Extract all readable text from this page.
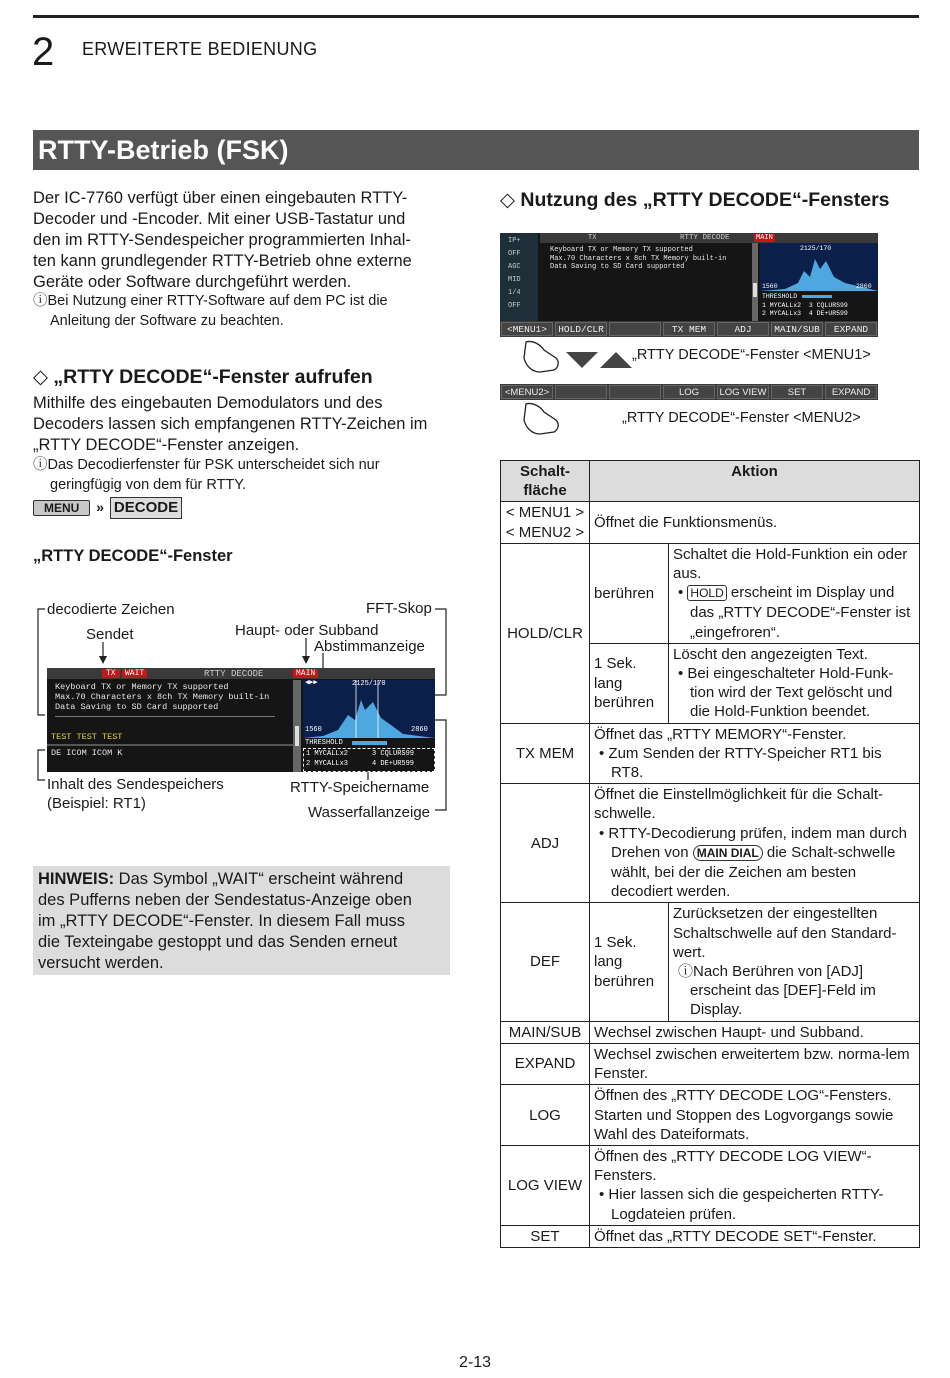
2 ERWEITERTE BEDIENUNG
RTTY-Betrieb (FSK)
Der IC-7760 verfügt über einen eingebauten RTTY-
Decoder und -Encoder. Mit einer USB-Tastatur und
den im RTTY-Sendespeicher programmierten Inhal-
ten kann grundlegender RTTY-Betrieb ohne externe
Geräte oder Software durchgeführt werden.
ⓘBei Nutzung einer RTTY-Software auf dem PC ist die
Anleitung der Software zu beachten.
◇ „RTTY DECODE“-Fenster aufrufen
Mithilfe des eingebauten Demodulators und des
Decoders lassen sich empfangenen RTTY-Zeichen im
„RTTY DECODE“-Fenster anzeigen.
ⓘDas Decodierfenster für PSK unterscheidet sich nur
geringfügig von dem für RTTY.
MENU » DECODE
„RTTY DECODE“-Fenster
decodierte Zeichen
Sendet
FFT-Skop
Haupt- oder Subband
Abstimmanzeige
Inhalt des Sendespeichers
(Beispiel: RT1)
RTTY-Speichername
Wasserfallanzeige
TX	WAIT	RTTY DECODE	MAIN
Keyboard TX or Memory TX supported
Max.70 Characters x 8ch TX Memory built-in
Data Saving to SD Card supported
TEST TEST TEST
DE ICOM ICOM K
◀▶▶	2125/170
1560	2860
THRESHOLD
1 MYCALLx2
2 MYCALLx3
3 CQLURS99
4 DE+UR599
HINWEIS: Das Symbol „WAIT“ erscheint während
des Pufferns neben der Sendestatus-Anzeige oben
im „RTTY DECODE“-Fenster. In diesem Fall muss
die Texteingabe gestoppt und das Senden erneut
versucht werden.
◇ Nutzung des „RTTY DECODE“-Fensters
IP+
OFF
AGC
MID
1/4
OFF
TX	RTTY DECODE	MAIN
Keyboard TX or Memory TX supported
Max.70 Characters x 8ch TX Memory built-in
Data Saving to SD Card supported
2125/170
1560	2860
THRESHOLD
1 MYCALLx2 3 CQLURS99
2 MYCALLx3 4 DE+UR599
<MENU1>	HOLD/CLR	TX MEM	ADJ	MAIN/SUB	EXPAND
„RTTY DECODE“-Fenster <MENU1>
<MENU2>	LOG	LOG VIEW	SET	EXPAND
„RTTY DECODE“-Fenster <MENU2>
Schalt-
fläche	Aktion	

< MENU1 >
< MENU2 >	Öffnet die Funktionsmenüs.	
HOLD/CLR	berühren	Schaltet die Hold-Funktion ein oder aus.
• HOLD erscheint im Display und das „RTTY DECODE“-Fenster ist „eingefroren“.

	1 Sek. lang berühren	Löscht den angezeigten Text.
• Bei eingeschalteter Hold-Funk-tion wird der Text gelöscht und die Hold-Funktion beendet.

TX MEM	Öffnet das „RTTY MEMORY“-Fenster.
• Zum Senden der RTTY-Speicher RT1 bis RT8.	

ADJ	Öffnet die Einstellmöglichkeit für die Schalt-schwelle.
• RTTY-Decodierung prüfen, indem man durch Drehen von MAIN DIAL die Schalt-schwelle wählt, bei der die Zeichen am besten decodiert werden.	

DEF	1 Sek. lang berühren	Zurücksetzen der eingestellten Schaltschwelle auf den Standard-wert.
ⓘNach Berühren von [ADJ] erscheint das [DEF]-Feld im Display.

MAIN/SUB	Wechsel zwischen Haupt- und Subband.	
EXPAND	Wechsel zwischen erweitertem bzw. norma-lem Fenster.	
LOG	Öffnen des „RTTY DECODE LOG“-Fensters. Starten und Stoppen des Logvorgangs sowie Wahl des Dateiformats.	
LOG VIEW	Öffnen des „RTTY DECODE LOG VIEW“-Fensters.
• Hier lassen sich die gespeicherten RTTY-Logdateien prüfen.	

SET	Öffnet das „RTTY DECODE SET“-Fenster.	
2-13
